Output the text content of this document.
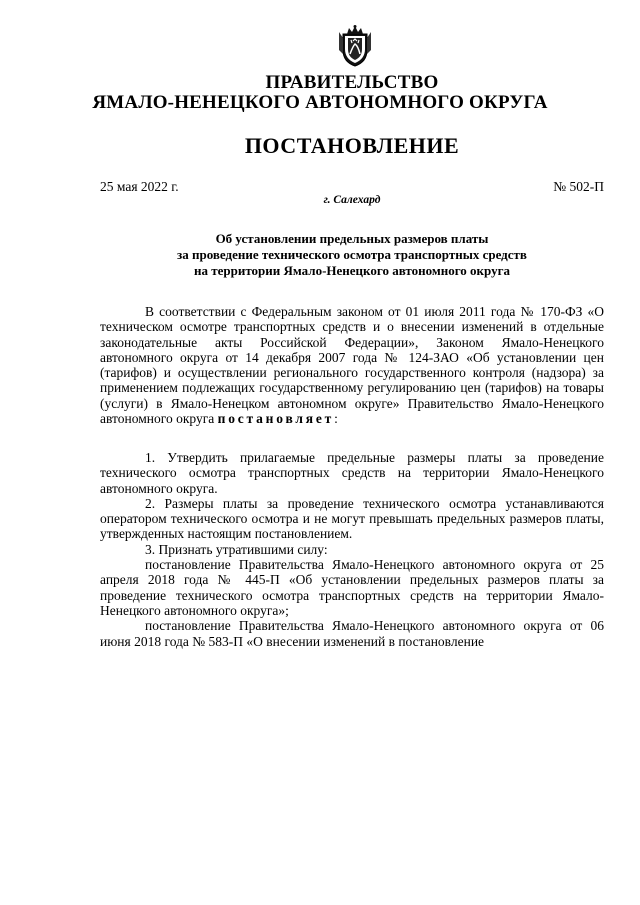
ПРАВИТЕЛЬСТВО
ЯМАЛО-НЕНЕЦКОГО АВТОНОМНОГО ОКРУГА
ПОСТАНОВЛЕНИЕ
25 мая 2022 г.	№ 502-П
г. Салехард
Об установлении предельных размеров платы
за проведение технического осмотра транспортных средств
на территории Ямало-Ненецкого автономного округа

В соответствии с Федеральным законом от 01 июля 2011 года № 170-ФЗ «О техническом осмотре транспортных средств и о внесении изменений в отдельные законодательные акты Российской Федерации», Законом Ямало-Ненецкого автономного округа от 14 декабря 2007 года № 124-ЗАО «Об установлении цен (тарифов) и осуществлении регионального государственного контроля (надзора) за применением подлежащих государственному регулированию цен (тарифов) на товары (услуги) в Ямало-Ненецком автономном округе» Правительство Ямало-Ненецкого автономного округа постановляет:

1. Утвердить прилагаемые предельные размеры платы за проведение технического осмотра транспортных средств на территории Ямало-Ненецкого автономного округа.

2. Размеры платы за проведение технического осмотра устанавливаются оператором технического осмотра и не могут превышать предельных размеров платы, утвержденных настоящим постановлением.

3. Признать утратившими силу:

постановление Правительства Ямало-Ненецкого автономного округа от 25 апреля 2018 года № 445-П «Об установлении предельных размеров платы за проведение технического осмотра транспортных средств на территории Ямало-Ненецкого автономного округа»;

постановление Правительства Ямало-Ненецкого автономного округа от 06 июня 2018 года № 583-П «О внесении изменений в постановление
